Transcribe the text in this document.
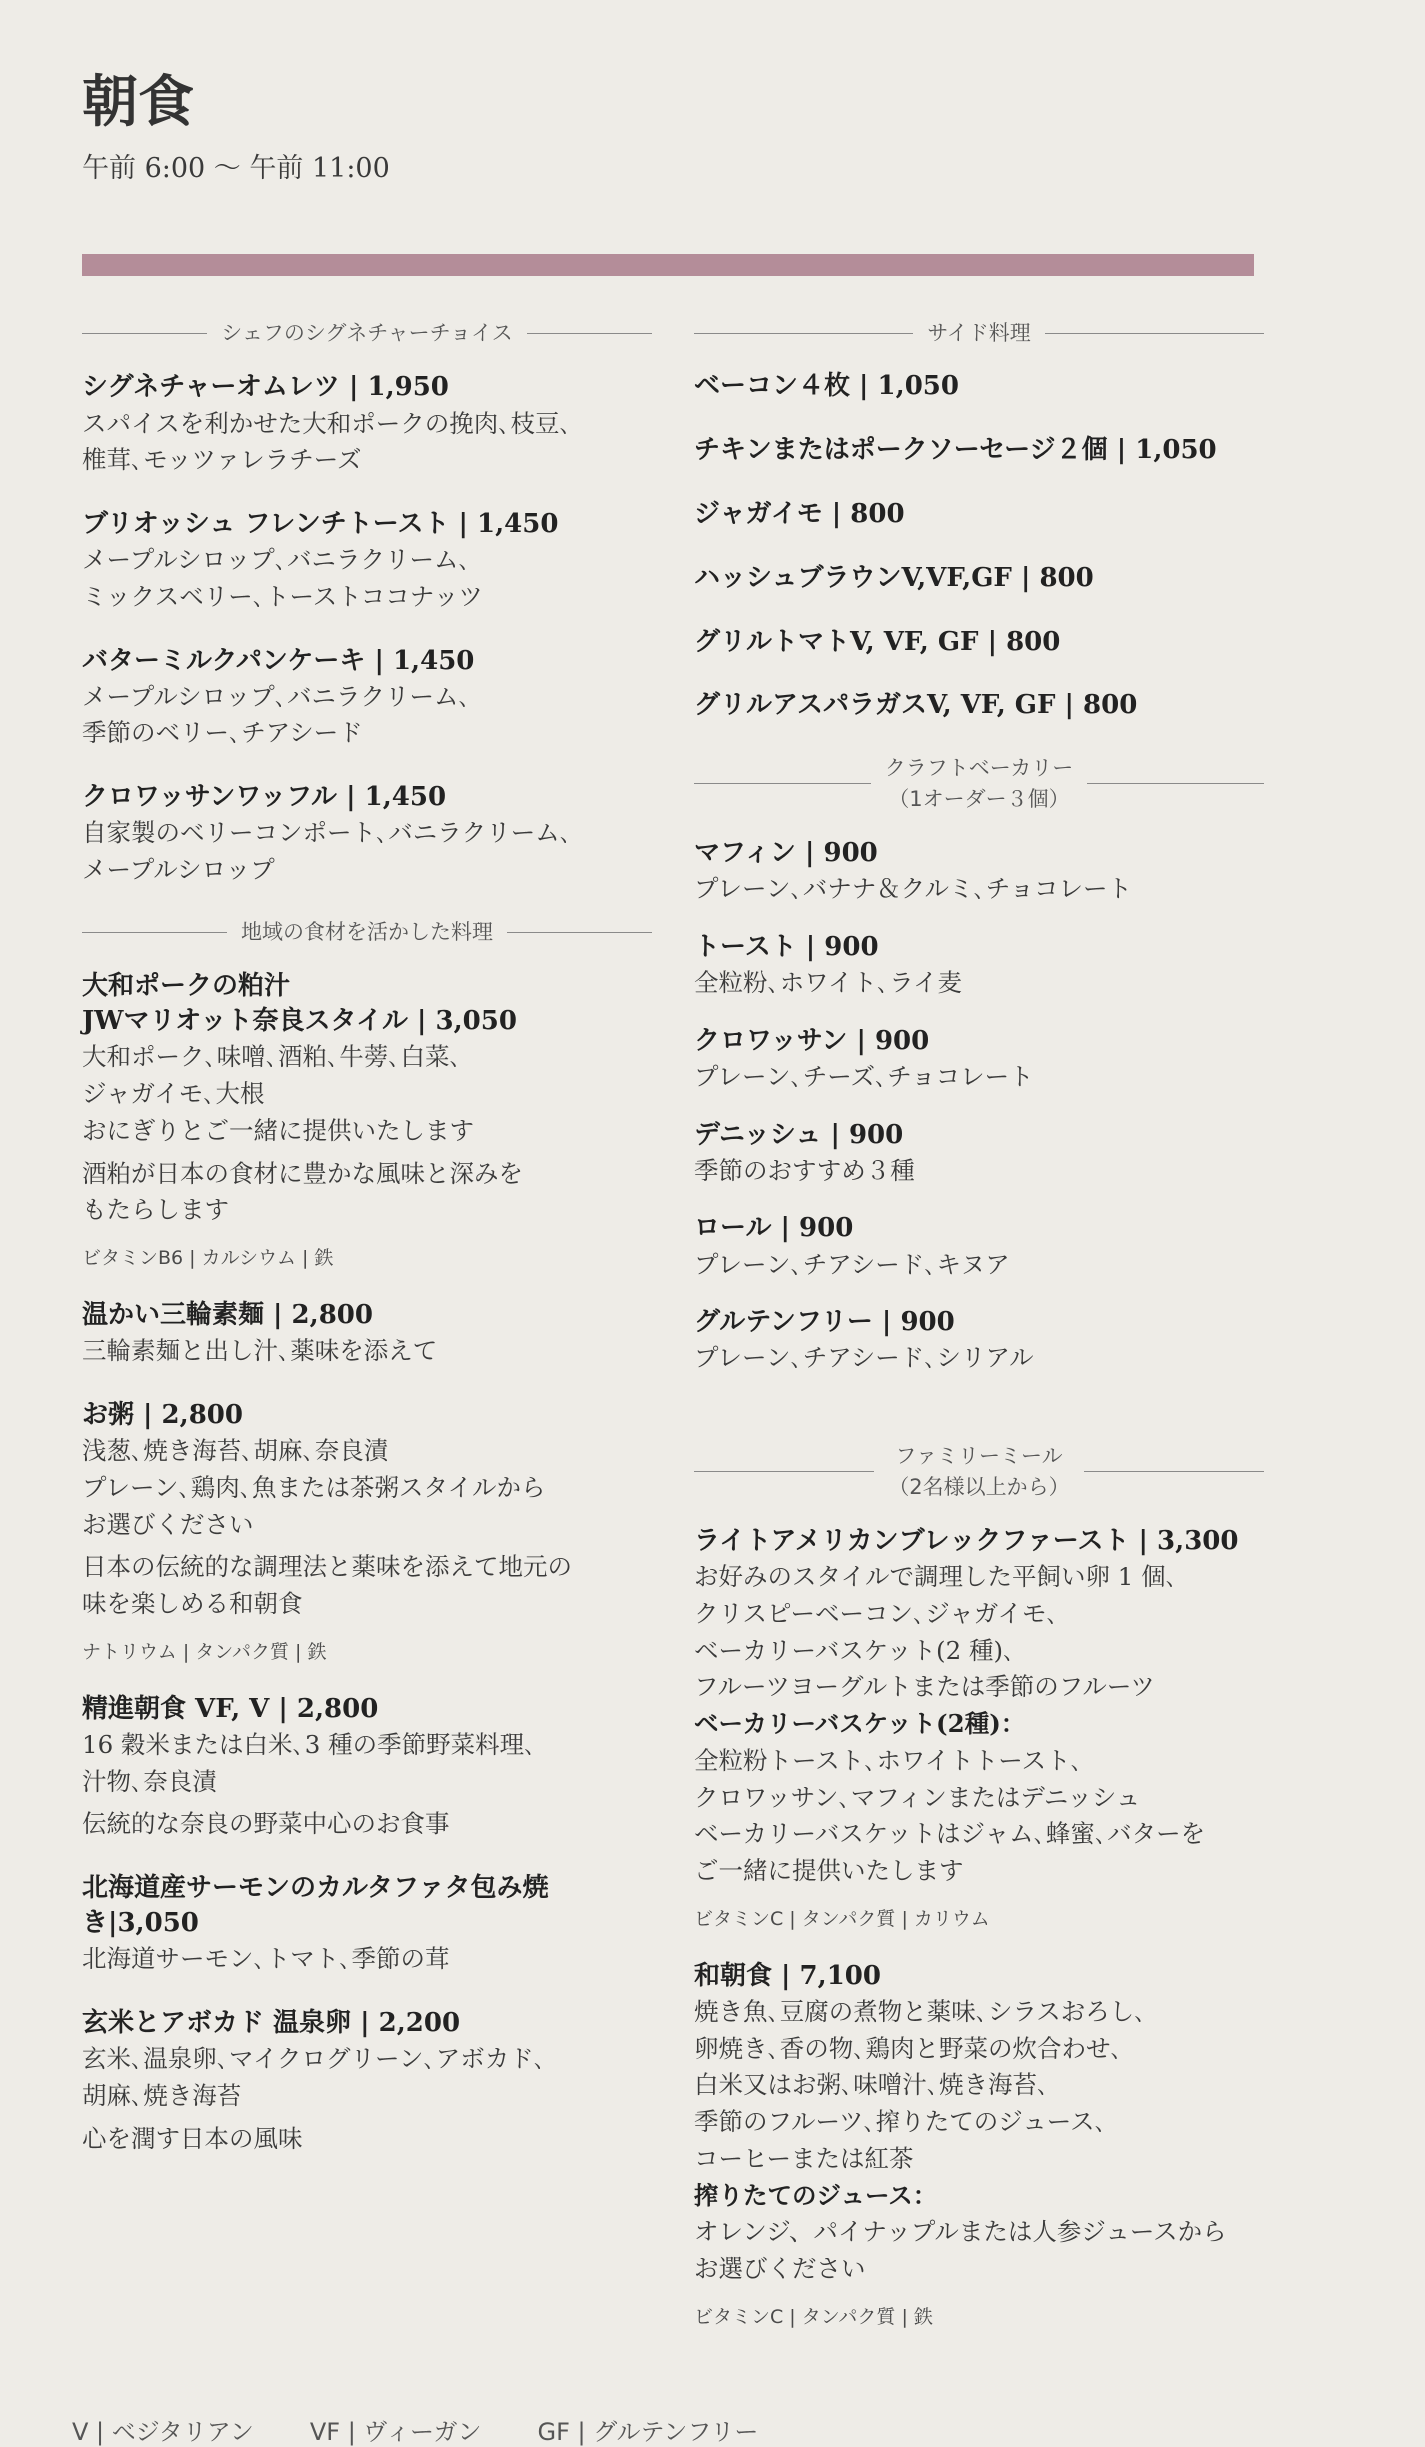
朝食
午前 6:00 〜 午前 11:00
シェフのシグネチャーチョイス
シグネチャーオムレツ | 1,950
スパイスを利かせた大和ポークの挽肉､枝豆､
椎茸､モッツァレラチーズ
ブリオッシュ フレンチトースト | 1,450
メープルシロップ､バニラクリーム､
ミックスベリー､トーストココナッツ
バターミルクパンケーキ | 1,450
メープルシロップ､バニラクリーム､
季節のベリー､チアシード
クロワッサンワッフル | 1,450
自家製のベリーコンポート､バニラクリーム､
メープルシロップ
地域の食材を活かした料理
大和ポークの粕汁
JWマリオット奈良スタイル | 3,050
大和ポーク､味噌､酒粕､牛蒡､白菜､
ジャガイモ､大根
おにぎりとご一緒に提供いたします
酒粕が日本の食材に豊かな風味と深みを
もたらします
ビタミンB6 | カルシウム | 鉄
温かい三輪素麺 | 2,800
三輪素麺と出し汁､薬味を添えて
お粥 | 2,800
浅葱､焼き海苔､胡麻､奈良漬
プレーン､鶏肉､魚または茶粥スタイルから
お選びください
日本の伝統的な調理法と薬味を添えて地元の
味を楽しめる和朝食
ナトリウム | タンパク質 | 鉄
精進朝食 VF, V | 2,800
16 穀米または白米､3 種の季節野菜料理､
汁物､奈良漬
伝統的な奈良の野菜中心のお食事
北海道産サーモンのカルタファタ包み焼き|3,050
北海道サーモン､トマト､季節の茸
玄米とアボカド 温泉卵 | 2,200
玄米､温泉卵､マイクログリーン､アボカド､
胡麻､焼き海苔
心を潤す日本の風味
サイド料理
ベーコン４枚 | 1,050
チキンまたはポークソーセージ２個 | 1,050
ジャガイモ | 800
ハッシュブラウンV,VF,GF | 800
グリルトマトV, VF, GF | 800
グリルアスパラガスV, VF, GF | 800
クラフトベーカリー
（1オーダー３個）
マフィン | 900
プレーン､バナナ＆クルミ､チョコレート
トースト | 900
全粒粉､ホワイト､ライ麦
クロワッサン | 900
プレーン､チーズ､チョコレート
デニッシュ | 900
季節のおすすめ３種
ロール | 900
プレーン､チアシード､キヌア
グルテンフリー | 900
プレーン､チアシード､シリアル
ファミリーミール
（2名様以上から）
ライトアメリカンブレックファースト | 3,300
お好みのスタイルで調理した平飼い卵 1 個､
クリスピーベーコン､ジャガイモ､
ベーカリーバスケット(2 種)､
フルーツヨーグルトまたは季節のフルーツ
ベーカリーバスケット(2種)：
全粒粉トースト､ホワイトトースト､
クロワッサン､マフィンまたはデニッシュ
ベーカリーバスケットはジャム､蜂蜜､バターを
ご一緒に提供いたします
ビタミンC | タンパク質 | カリウム
和朝食 | 7,100
焼き魚､豆腐の煮物と薬味､シラスおろし､
卵焼き､香の物､鶏肉と野菜の炊合わせ､
白米又はお粥､味噌汁､焼き海苔､
季節のフルーツ､搾りたてのジュース､
コーヒーまたは紅茶
搾りたてのジュース：
オレンジ、パイナップルまたは人参ジュースから
お選びください
ビタミンC | タンパク質 | 鉄
V | ベジタリアン VF | ヴィーガン GF | グルテンフリー
